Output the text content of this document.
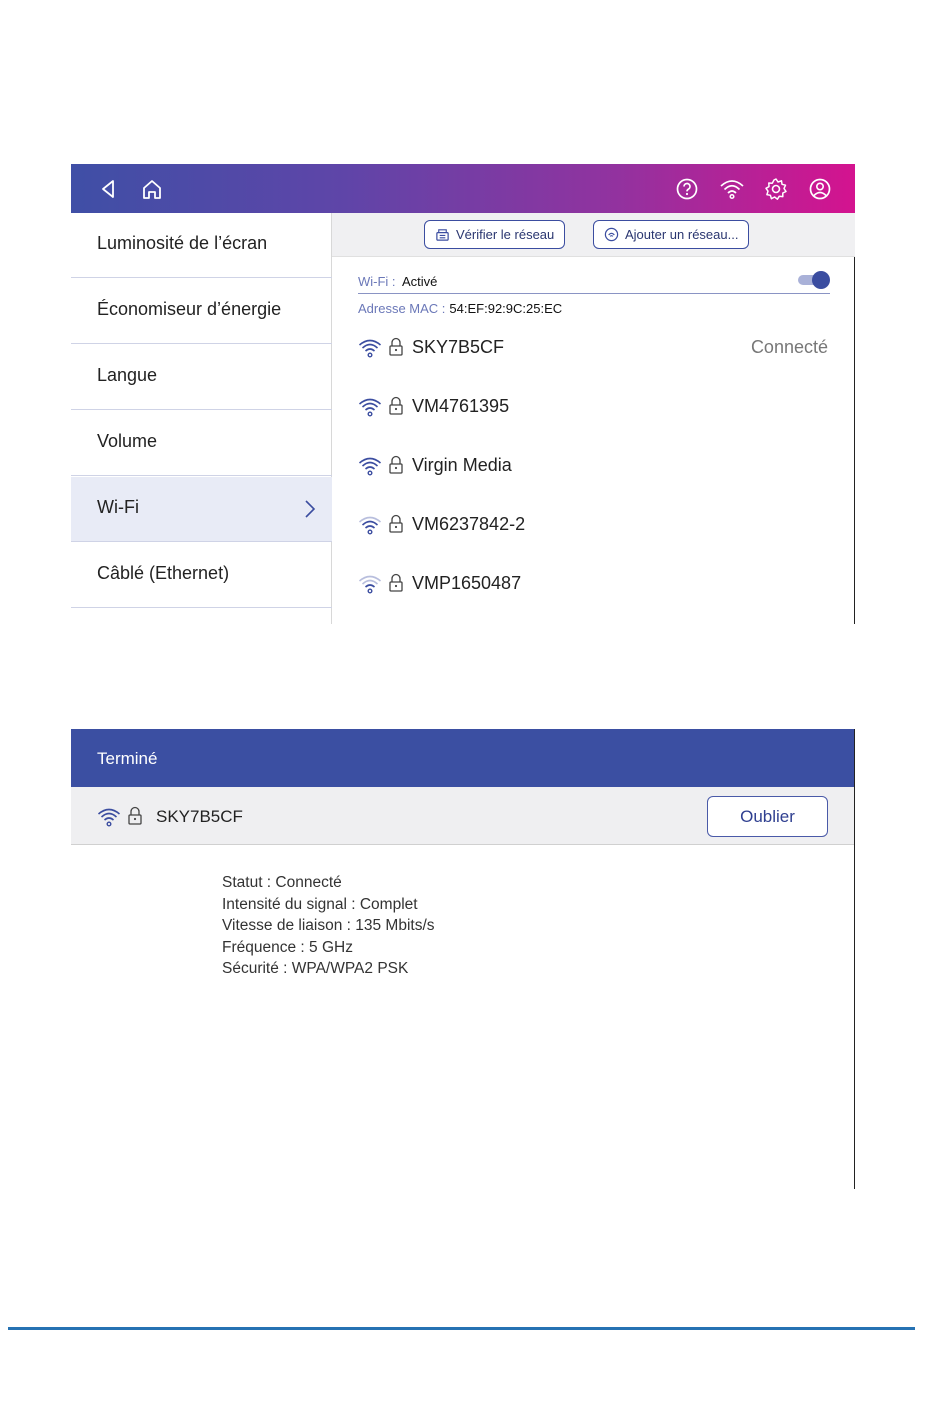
Luminosité de l’écran
Économiseur d’énergie
Langue
Volume
Wi-Fi
Câblé (Ethernet)
Vérifier le réseau	Ajouter un réseau...
Wi-Fi : Activé
Adresse MAC : 54:EF:92:9C:25:EC
SKY7B5CF	Connecté
VM4761395
Virgin Media
VM6237842-2
VMP1650487
Terminé
SKY7B5CF	Oublier
Statut : Connecté
Intensité du signal : Complet
Vitesse de liaison : 135 Mbits/s
Fréquence : 5 GHz
Sécurité : WPA/WPA2 PSK
